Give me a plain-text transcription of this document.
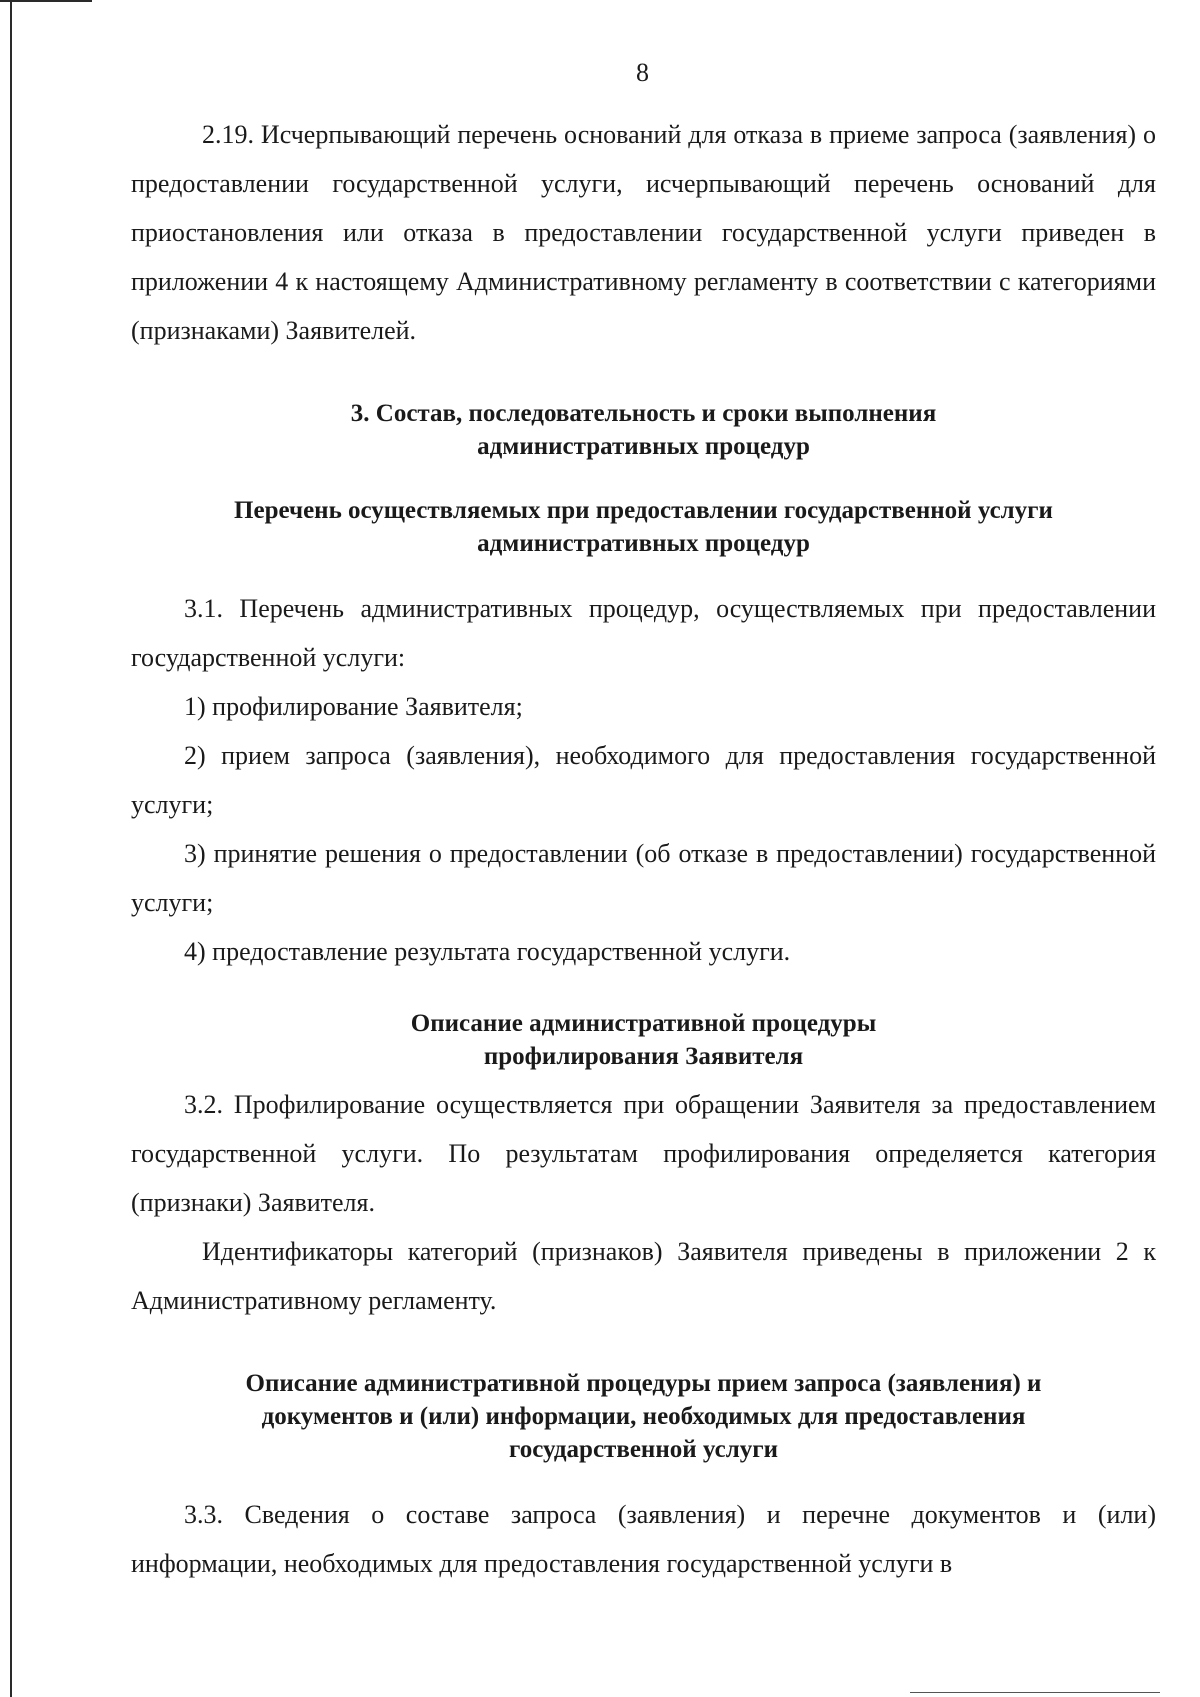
8

2.19. Исчерпывающий перечень оснований для отказа в приеме запроса (заявления) о предоставлении государственной услуги, исчерпывающий перечень оснований для приостановления или отказа в предоставлении государственной услуги приведен в приложении 4 к настоящему Административному регламенту в соответствии с категориями (признаками) Заявителей.

3. Состав, последовательность и сроки выполнения
административных процедур
Перечень осуществляемых при предоставлении государственной услуги
административных процедур

3.1. Перечень административных процедур, осуществляемых при предоставлении государственной услуги:

1) профилирование Заявителя;

2) прием запроса (заявления), необходимого для предоставления государственной услуги;

3) принятие решения о предоставлении (об отказе в предоставлении) государственной услуги;

4) предоставление результата государственной услуги.

Описание административной процедуры
профилирования Заявителя

3.2. Профилирование осуществляется при обращении Заявителя за предоставлением государственной услуги. По результатам профилирования определяется категория (признаки) Заявителя.

Идентификаторы категорий (признаков) Заявителя приведены в приложении 2 к Административному регламенту.

Описание административной процедуры прием запроса (заявления) и
документов и (или) информации, необходимых для предоставления
государственной услуги

3.3. Сведения о составе запроса (заявления) и перечне документов и (или) информации, необходимых для предоставления государственной услуги в
